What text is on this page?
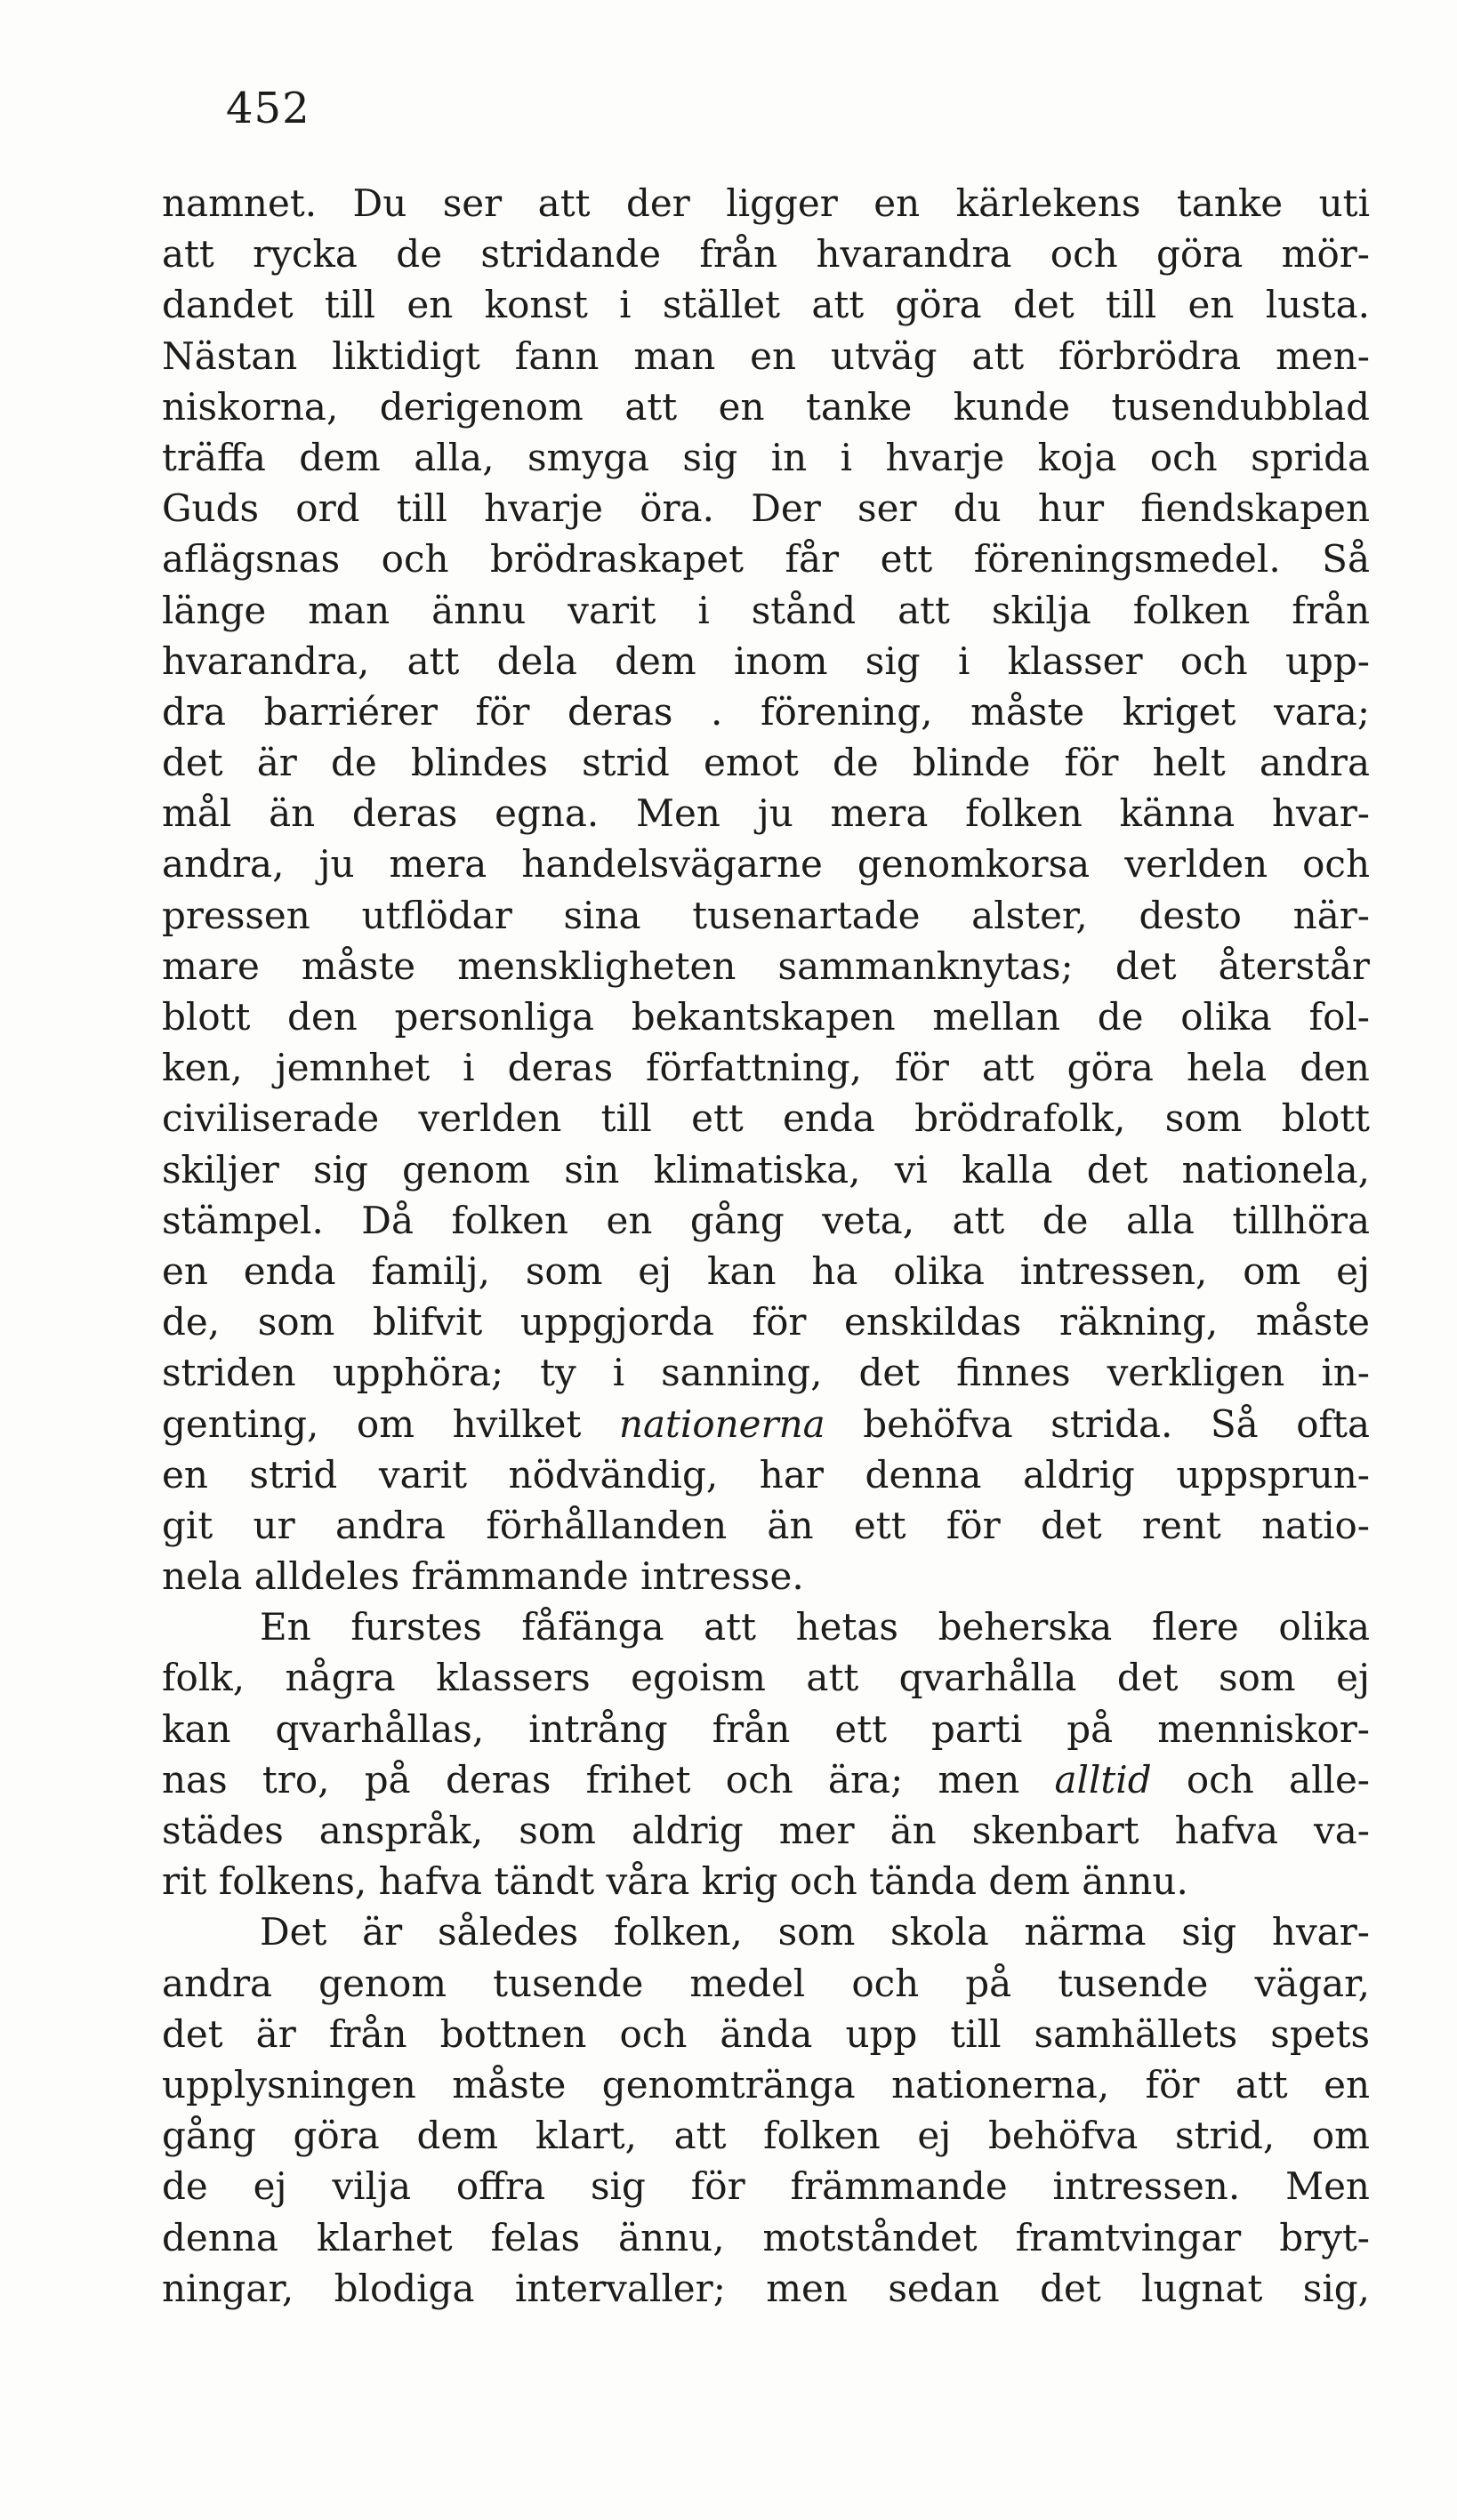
452
namnet. Du ser att der ligger en kärlekens tanke uti
att rycka de stridande från hvarandra och göra mör-
dandet till en konst i stället att göra det till en lusta.
Nästan liktidigt fann man en utväg att förbrödra men-
niskorna, derigenom att en tanke kunde tusendubblad
träffa dem alla, smyga sig in i hvarje koja och sprida
Guds ord till hvarje öra. Der ser du hur fiendskapen
aflägsnas och brödraskapet får ett föreningsmedel. Så
länge man ännu varit i stånd att skilja folken från
hvarandra, att dela dem inom sig i klasser och upp-
dra barriérer för deras . förening, måste kriget vara;
det är de blindes strid emot de blinde för helt andra
mål än deras egna. Men ju mera folken känna hvar-
andra, ju mera handelsvägarne genomkorsa verlden och
pressen utflödar sina tusenartade alster, desto när-
mare måste menskligheten sammanknytas; det återstår
blott den personliga bekantskapen mellan de olika fol-
ken, jemnhet i deras författning, för att göra hela den
civiliserade verlden till ett enda brödrafolk, som blott
skiljer sig genom sin klimatiska, vi kalla det nationela,
stämpel. Då folken en gång veta, att de alla tillhöra
en enda familj, som ej kan ha olika intressen, om ej
de, som blifvit uppgjorda för enskildas räkning, måste
striden upphöra; ty i sanning, det finnes verkligen in-
genting, om hvilket nationerna behöfva strida. Så ofta
en strid varit nödvändig, har denna aldrig uppsprun-
git ur andra förhållanden än ett för det rent natio-
nela alldeles främmande intresse.
En furstes fåfänga att hetas beherska flere olika
folk, några klassers egoism att qvarhålla det som ej
kan qvarhållas, intrång från ett parti på menniskor-
nas tro, på deras frihet och ära; men alltid och alle-
städes anspråk, som aldrig mer än skenbart hafva va-
rit folkens, hafva tändt våra krig och tända dem ännu.
Det är således folken, som skola närma sig hvar-
andra genom tusende medel och på tusende vägar,
det är från bottnen och ända upp till samhällets spets
upplysningen måste genomtränga nationerna, för att en
gång göra dem klart, att folken ej behöfva strid, om
de ej vilja offra sig för främmande intressen. Men
denna klarhet felas ännu, motståndet framtvingar bryt-
ningar, blodiga intervaller; men sedan det lugnat sig,
